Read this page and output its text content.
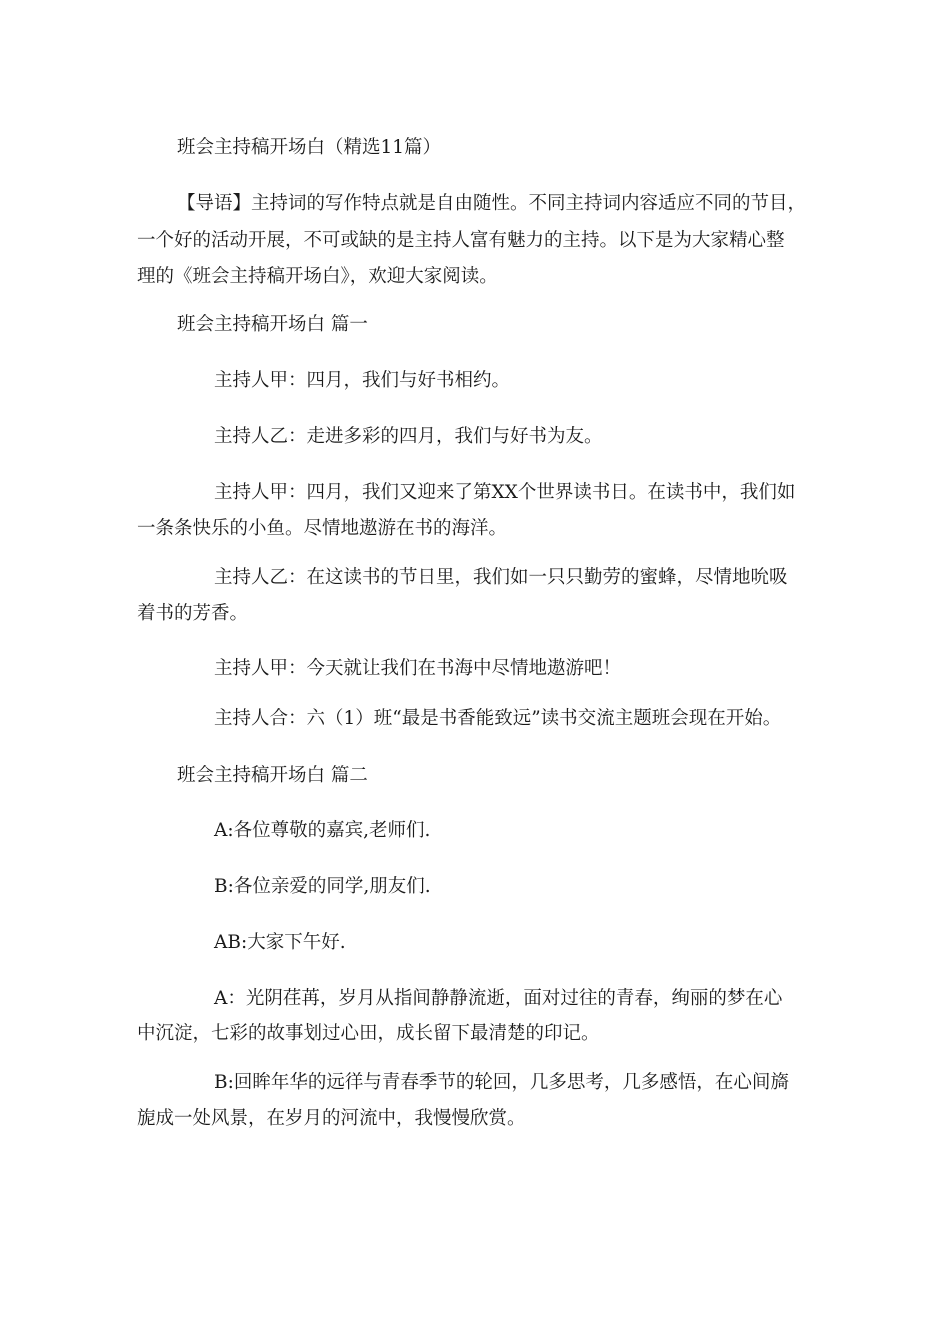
班会主持稿开场白（精选11篇）
【导语】主持词的写作特点就是自由随性。不同主持词内容适应不同的节目，
一个好的活动开展，不可或缺的是主持人富有魅力的主持。以下是为大家精心整
理的《班会主持稿开场白》，欢迎大家阅读。
班会主持稿开场白 篇一
主持人甲：四月，我们与好书相约。
主持人乙：走进多彩的四月，我们与好书为友。
主持人甲：四月，我们又迎来了第XX个世界读书日。在读书中，我们如
一条条快乐的小鱼。尽情地遨游在书的海洋。
主持人乙：在这读书的节日里，我们如一只只勤劳的蜜蜂，尽情地吮吸
着书的芳香。
主持人甲：今天就让我们在书海中尽情地遨游吧！
主持人合：六（1）班“最是书香能致远”读书交流主题班会现在开始。
班会主持稿开场白 篇二
A:各位尊敬的嘉宾,老师们.
B:各位亲爱的同学,朋友们.
AB:大家下午好.
A：光阴荏苒，岁月从指间静静流逝，面对过往的青春，绚丽的梦在心
中沉淀，七彩的故事划过心田，成长留下最清楚的印记。
B:回眸年华的远徉与青春季节的轮回，几多思考，几多感悟，在心间旖
旎成一处风景，在岁月的河流中，我慢慢欣赏。
